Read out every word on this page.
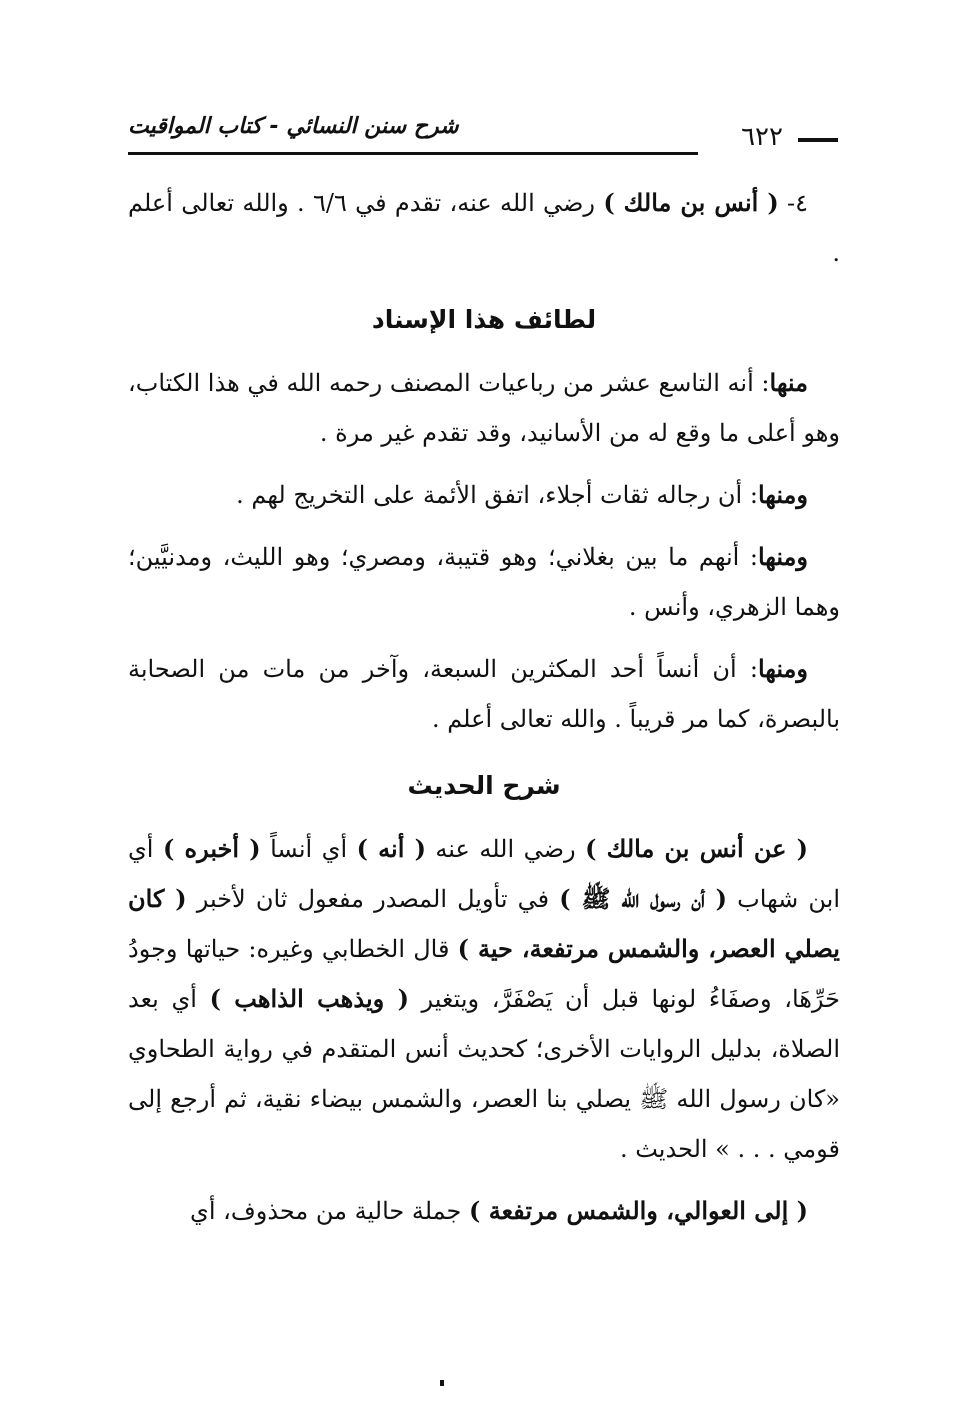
٦٢٢
شرح سنن النسائي - كتاب المواقيت

٤- ( أنس بن مالك ) رضي الله عنه، تقدم في ٦/٦ . والله تعالى أعلم .

لطائف هذا الإسناد

منها: أنه التاسع عشر من رباعيات المصنف رحمه الله في هذا الكتاب، وهو أعلى ما وقع له من الأسانيد، وقد تقدم غير مرة .

ومنها: أن رجاله ثقات أجلاء، اتفق الأئمة على التخريج لهم .

ومنها: أنهم ما بين بغلاني؛ وهو قتيبة، ومصري؛ وهو الليث، ومدنيَّين؛ وهما الزهري، وأنس .

ومنها: أن أنساً أحد المكثرين السبعة، وآخر من مات من الصحابة بالبصرة، كما مر قريباً . والله تعالى أعلم .

شرح الحديث

( عن أنس بن مالك ) رضي الله عنه ( أنه ) أي أنساً ( أخبره ) أي ابن شهاب ( أن رسول الله ﷺ ) في تأويل المصدر مفعول ثان لأخبر ( كان يصلي العصر، والشمس مرتفعة، حية ) قال الخطابي وغيره: حياتها وجودُ حَرِّهَا، وصفَاءُ لونها قبل أن يَصْفَرَّ، ويتغير ( ويذهب الذاهب ) أي بعد الصلاة، بدليل الروايات الأخرى؛ كحديث أنس المتقدم في رواية الطحاوي «كان رسول الله ﷺ يصلي بنا العصر، والشمس بيضاء نقية، ثم أرجع إلى قومي . . . » الحديث .

( إلى العوالي، والشمس مرتفعة ) جملة حالية من محذوف، أي
